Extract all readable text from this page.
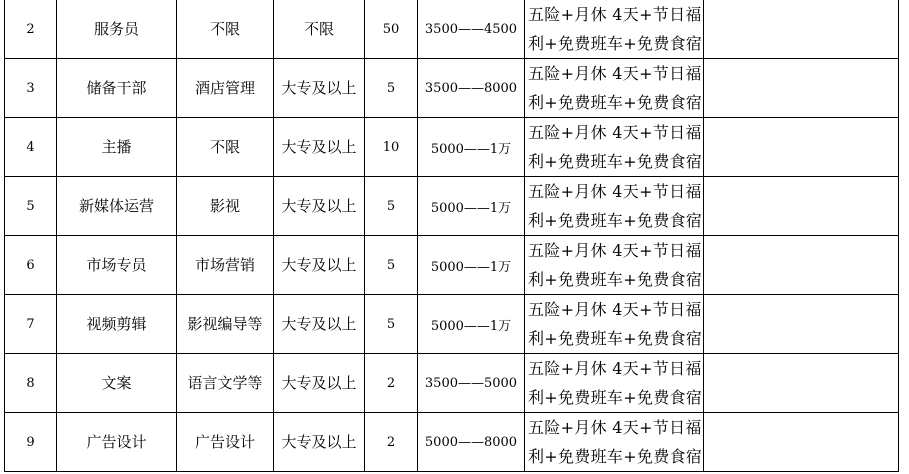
2	服务员	不限	不限	50	3500——4500	五险+月休 4天+节日福利+免费班车+免费食宿	
3	储备干部	酒店管理	大专及以上	5	3500——8000	五险+月休 4天+节日福利+免费班车+免费食宿	
4	主播	不限	大专及以上	10	5000——1万	五险+月休 4天+节日福利+免费班车+免费食宿	
5	新媒体运营	影视	大专及以上	5	5000——1万	五险+月休 4天+节日福利+免费班车+免费食宿	
6	市场专员	市场营销	大专及以上	5	5000——1万	五险+月休 4天+节日福利+免费班车+免费食宿	
7	视频剪辑	影视编导等	大专及以上	5	5000——1万	五险+月休 4天+节日福利+免费班车+免费食宿	
8	文案	语言文学等	大专及以上	2	3500——5000	五险+月休 4天+节日福利+免费班车+免费食宿	
9	广告设计	广告设计	大专及以上	2	5000——8000	五险+月休 4天+节日福利+免费班车+免费食宿	
